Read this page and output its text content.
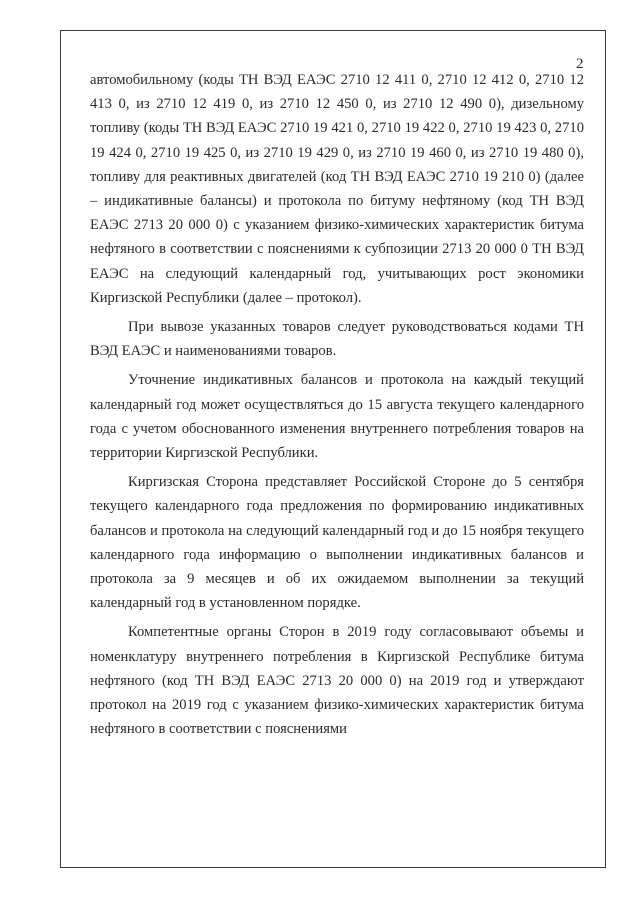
2

автомобильному (коды ТН ВЭД ЕАЭС 2710 12 411 0, 2710 12 412 0, 2710 12 413 0, из 2710 12 419 0, из 2710 12 450 0, из 2710 12 490 0), дизельному топливу (коды ТН ВЭД ЕАЭС 2710 19 421 0, 2710 19 422 0, 2710 19 423 0, 2710 19 424 0, 2710 19 425 0, из 2710 19 429 0, из 2710 19 460 0, из 2710 19 480 0), топливу для реактивных двигателей (код ТН ВЭД ЕАЭС 2710 19 210 0) (далее – индикативные балансы) и протокола по битуму нефтяному (код ТН ВЭД ЕАЭС 2713 20 000 0) с указанием физико-химических характеристик битума нефтяного в соответствии с пояснениями к субпозиции 2713 20 000 0 ТН ВЭД ЕАЭС на следующий календарный год, учитывающих рост экономики Киргизской Республики (далее – протокол).

При вывозе указанных товаров следует руководствоваться кодами ТН ВЭД ЕАЭС и наименованиями товаров.

Уточнение индикативных балансов и протокола на каждый текущий календарный год может осуществляться до 15 августа текущего календарного года с учетом обоснованного изменения внутреннего потребления товаров на территории Киргизской Республики.

Киргизская Сторона представляет Российской Стороне до 5 сентября текущего календарного года предложения по формированию индикативных балансов и протокола на следующий календарный год и до 15 ноября текущего календарного года информацию о выполнении индикативных балансов и протокола за 9 месяцев и об их ожидаемом выполнении за текущий календарный год в установленном порядке.

Компетентные органы Сторон в 2019 году согласовывают объемы и номенклатуру внутреннего потребления в Киргизской Республике битума нефтяного (код ТН ВЭД ЕАЭС 2713 20 000 0) на 2019 год и утверждают протокол на 2019 год с указанием физико-химических характеристик битума нефтяного в соответствии с пояснениями
